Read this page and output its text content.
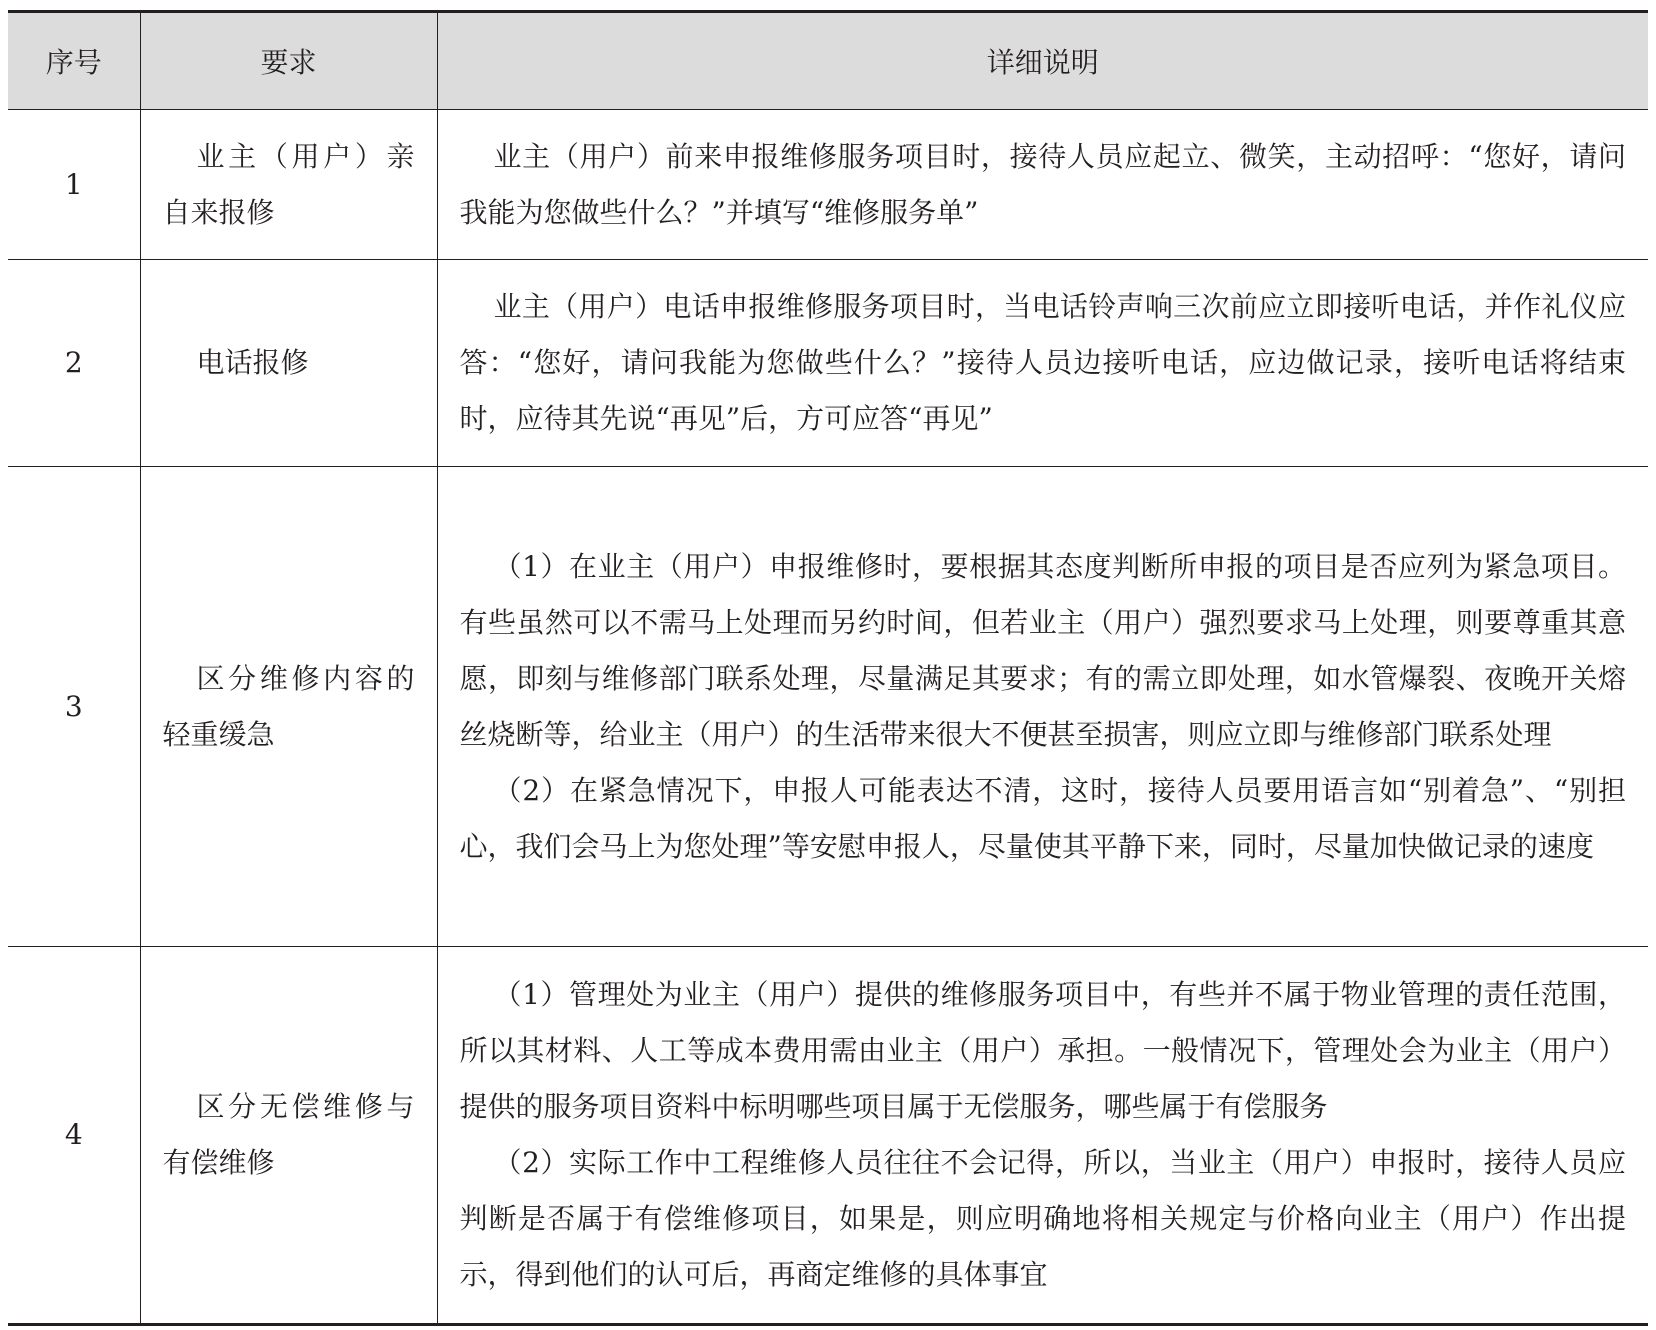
序号	要求	详细说明
1	业主（用户）亲自来报修	业主（用户）前来申报维修服务项目时，接待人员应起立、微笑，主动招呼：“您好，请问我能为您做些什么？”并填写“维修服务单”

2	电话报修	业主（用户）电话申报维修服务项目时，当电话铃声响三次前应立即接听电话，并作礼仪应答：“您好，请问我能为您做些什么？”接待人员边接听电话，应边做记录，接听电话将结束时，应待其先说“再见”后，方可应答“再见”

3	区分维修内容的轻重缓急	（1）在业主（用户）申报维修时，要根据其态度判断所申报的项目是否应列为紧急项目。有些虽然可以不需马上处理而另约时间，但若业主（用户）强烈要求马上处理，则要尊重其意愿，即刻与维修部门联系处理，尽量满足其要求；有的需立即处理，如水管爆裂、夜晚开关熔丝烧断等，给业主（用户）的生活带来很大不便甚至损害，则应立即与维修部门联系处理

（2）在紧急情况下，申报人可能表达不清，这时，接待人员要用语言如“别着急”、“别担心，我们会马上为您处理”等安慰申报人，尽量使其平静下来，同时，尽量加快做记录的速度

4	区分无偿维修与有偿维修	（1）管理处为业主（用户）提供的维修服务项目中，有些并不属于物业管理的责任范围，所以其材料、人工等成本费用需由业主（用户）承担。一般情况下，管理处会为业主（用户）提供的服务项目资料中标明哪些项目属于无偿服务，哪些属于有偿服务

（2）实际工作中工程维修人员往往不会记得，所以，当业主（用户）申报时，接待人员应判断是否属于有偿维修项目，如果是，则应明确地将相关规定与价格向业主（用户）作出提示，得到他们的认可后，再商定维修的具体事宜
